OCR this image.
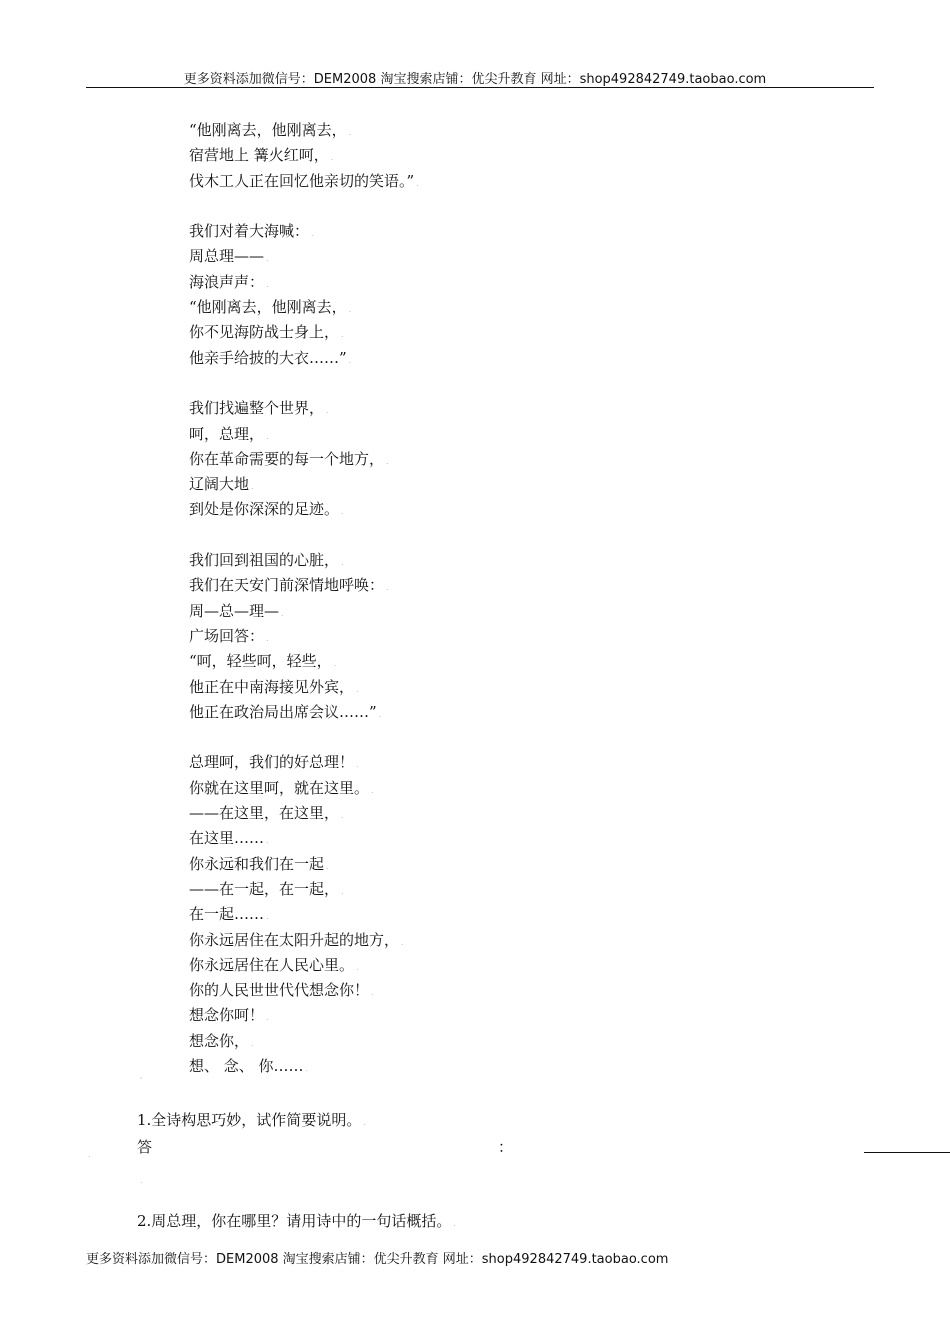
更多资料添加微信号：DEM2008 淘宝搜索店铺：优尖升教育 网址：shop492842749.taobao.com
“他刚离去，他刚离去， .
宿营地上 篝火红呵， .
伐木工人正在回忆他亲切的笑语。” .
我们对着大海喊： .
周总理—— .
海浪声声： .
“他刚离去，他刚离去， .
你不见海防战士身上， .
他亲手给披的大衣……” .
我们找遍整个世界， .
呵，总理， .
你在革命需要的每一个地方， .
辽阔大地 .
到处是你深深的足迹。 .
我们回到祖国的心脏， .
我们在天安门前深情地呼唤： .
周—总—理— .
广场回答： .
“呵，轻些呵，轻些， .
他正在中南海接见外宾， .
他正在政治局出席会议……” .
总理呵，我们的好总理！ .
你就在这里呵，就在这里。 .
——在这里，在这里， .
在这里…… .
你永远和我们在一起 .
——在一起，在一起， .
在一起…… .
你永远居住在太阳升起的地方， .
你永远居住在人民心里。 .
你的人民世世代代想念你！ .
想念你呵！ .
想念你， .
想、 念、 你…… .
'
1.全诗构思巧妙，试作简要说明。 .
答	：
.
.
2.周总理，你在哪里？请用诗中的一句话概括。 .
更多资料添加微信号：DEM2008 淘宝搜索店铺：优尖升教育 网址：shop492842749.taobao.com
